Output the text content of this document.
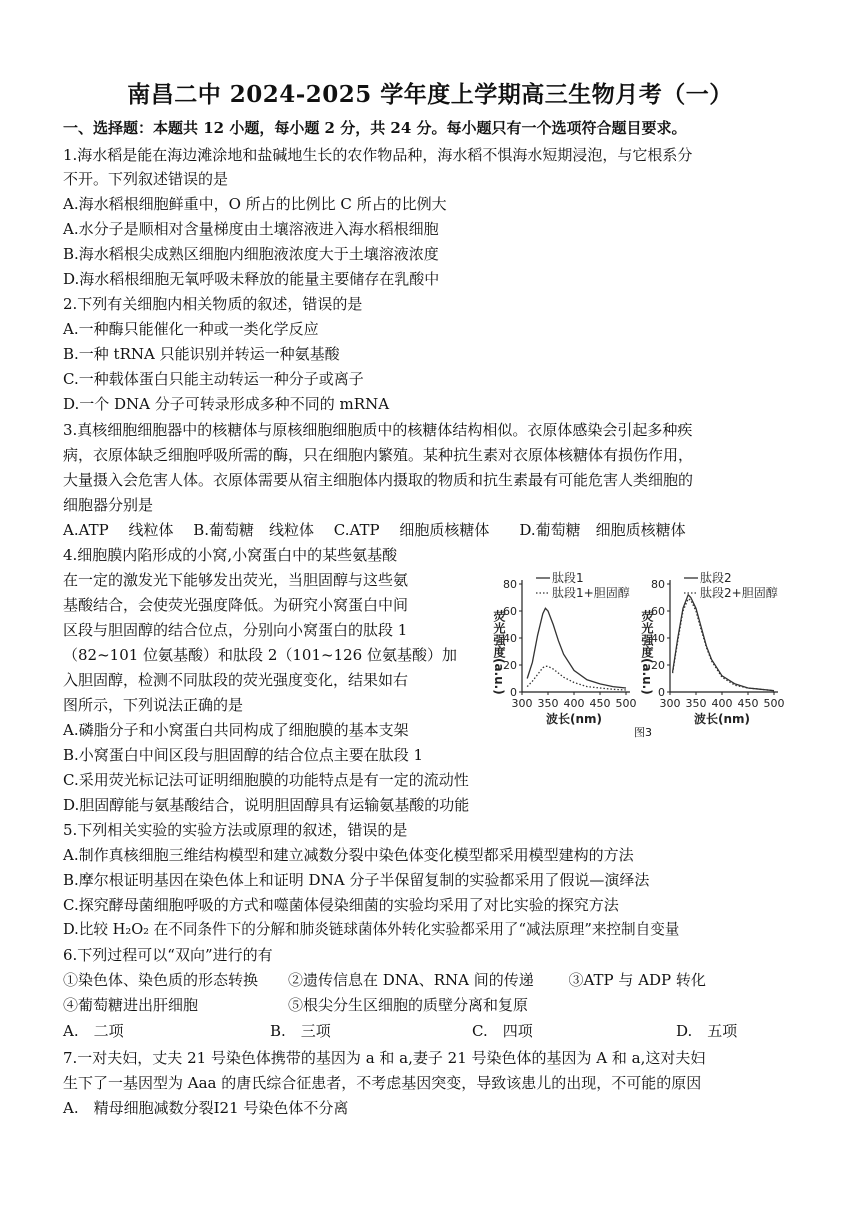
南昌二中 2024-2025 学年度上学期高三生物月考（一）
一、选择题：本题共 12 小题，每小题 2 分，共 24 分。每小题只有一个选项符合题目要求。
1.海水稻是能在海边滩涂地和盐碱地生长的农作物品种，海水稻不惧海水短期浸泡，与它根系分
不开。下列叙述错误的是
A.海水稻根细胞鲜重中，O 所占的比例比 C 所占的比例大
A.水分子是顺相对含量梯度由土壤溶液进入海水稻根细胞
B.海水稻根尖成熟区细胞内细胞液浓度大于土壤溶液浓度
D.海水稻根细胞无氧呼吸未释放的能量主要储存在乳酸中
2.下列有关细胞内相关物质的叙述，错误的是
A.一种酶只能催化一种或一类化学反应
B.一种 tRNA 只能识别并转运一种氨基酸
C.一种载体蛋白只能主动转运一种分子或离子
D.一个 DNA 分子可转录形成多种不同的 mRNA
3.真核细胞细胞器中的核糖体与原核细胞细胞质中的核糖体结构相似。衣原体感染会引起多种疾
病，衣原体缺乏细胞呼吸所需的酶，只在细胞内繁殖。某种抗生素对衣原体核糖体有损伤作用，
大量摄入会危害人体。衣原体需要从宿主细胞体内摄取的物质和抗生素最有可能危害人类细胞的
细胞器分别是
A.ATP　 线粒体　 B.葡萄糖　线粒体　 C.ATP　 细胞质核糖体　　D.葡萄糖　细胞质核糖体
4.细胞膜内陷形成的小窝,小窝蛋白中的某些氨基酸
在一定的激发光下能够发出荧光，当胆固醇与这些氨
基酸结合，会使荧光强度降低。为研究小窝蛋白中间
区段与胆固醇的结合位点，分别向小窝蛋白的肽段 1
（82~101 位氨基酸）和肽段 2（101~126 位氨基酸）加
入胆固醇，检测不同肽段的荧光强度变化，结果如右
图所示，下列说法正确的是
A.磷脂分子和小窝蛋白共同构成了细胞膜的基本支架
B.小窝蛋白中间区段与胆固醇的结合位点主要在肽段 1
C.采用荧光标记法可证明细胞膜的功能特点是有一定的流动性
D.胆固醇能与氨基酸结合，说明胆固醇具有运输氨基酸的功能
0
20
40
60
80
300 350 400 450 500
波长(nm)
荧光强度(a.u.)
肽段1
肽段1+胆固醇
0
20
40
60
80
300 350 400 450 500
波长(nm)
荧光强度(a.u.)
肽段2
肽段2+胆固醇
图3
5.下列相关实验的实验方法或原理的叙述，错误的是
A.制作真核细胞三维结构模型和建立减数分裂中染色体变化模型都采用模型建构的方法
B.摩尔根证明基因在染色体上和证明 DNA 分子半保留复制的实验都采用了假说—演绎法
C.探究酵母菌细胞呼吸的方式和噬菌体侵染细菌的实验均采用了对比实验的探究方法
D.比较 H₂O₂ 在不同条件下的分解和肺炎链球菌体外转化实验都采用了“减法原理”来控制自变量
6.下列过程可以“双向”进行的有
①染色体、染色质的形态转换　　②遗传信息在 DNA、RNA 间的传递　　 ③ATP 与 ADP 转化
④葡萄糖进出肝细胞　　　　　　⑤根尖分生区细胞的质壁分离和复原
A.　二项	B.　三项	C.　四项	D.　五项
7.一对夫妇，丈夫 21 号染色体携带的基因为 a 和 a,妻子 21 号染色体的基因为 A 和 a,这对夫妇
生下了一基因型为 Aaa 的唐氏综合征患者，不考虑基因突变，导致该患儿的出现，不可能的原因
A.　精母细胞减数分裂Ⅰ21 号染色体不分离
